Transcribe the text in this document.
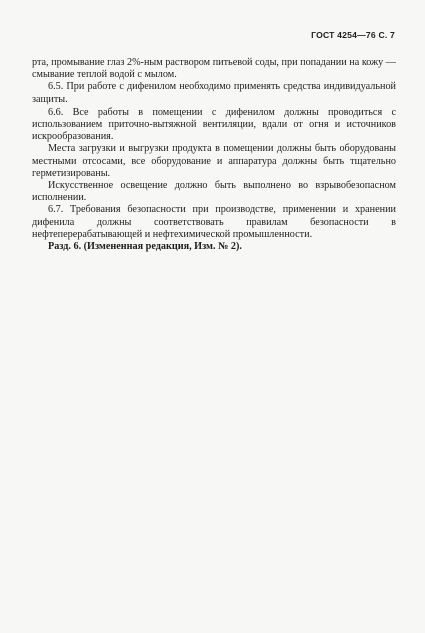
ГОСТ 4254—76 С. 7

рта, промывание глаз 2%-ным раствором питьевой соды, при попадании на кожу — смывание теплой водой с мылом.

6.5. При работе с дифенилом необходимо применять средства индивидуальной защиты.

6.6. Все работы в помещении с дифенилом должны проводиться с использованием приточно-вытяжной вентиляции, вдали от огня и источников искрообразования.

Места загрузки и выгрузки продукта в помещении должны быть оборудованы местными отсосами, все оборудование и аппаратура должны быть тщательно герметизированы.

Искусственное освещение должно быть выполнено во взрывобезопасном исполнении.

6.7. Требования безопасности при производстве, применении и хранении дифенила должны соответствовать правилам безопасности в нефтеперерабатывающей и нефтехимической промышленности.

Разд. 6. (Измененная редакция, Изм. № 2).
